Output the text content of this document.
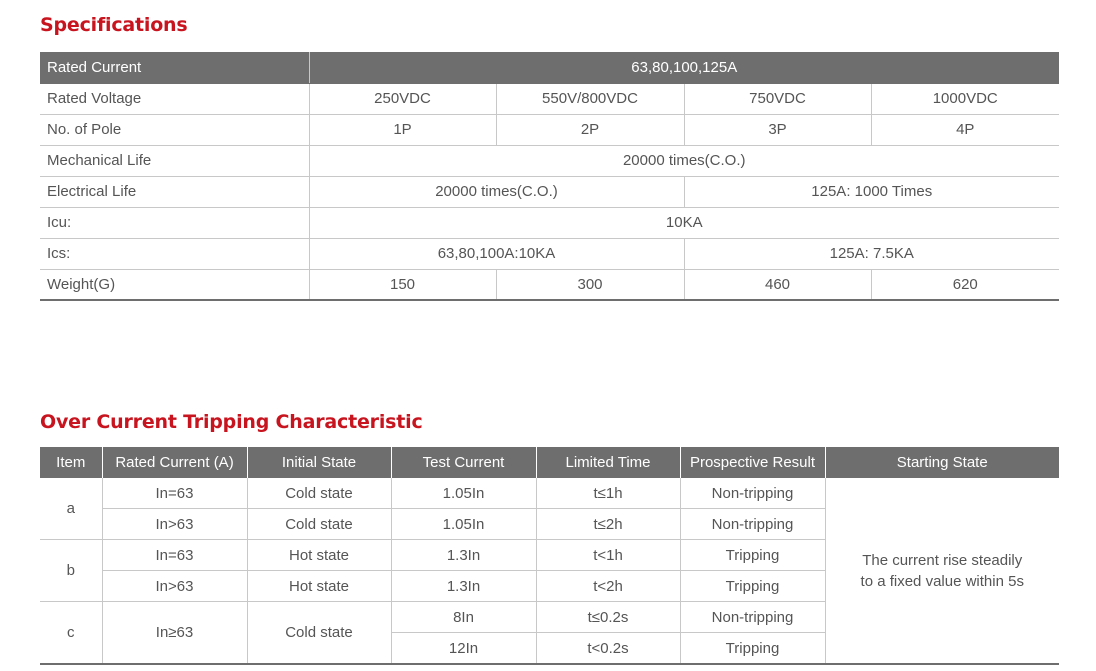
Specifications
Rated Current	63,80,100,125A			
Rated Voltage	250VDC	550V/800VDC	750VDC	1000VDC
No. of Pole	1P	2P	3P	4P
Mechanical Life	20000 times(C.O.)			
Electrical Life	20000 times(C.O.)		125A: 1000 Times	
Icu:	10KA			
Ics:	63,80,100A:10KA		125A: 7.5KA	
Weight(G)	150	300	460	620
Over Current Tripping Characteristic
Item	Rated Current (A)	Initial State	Test Current	Limited Time	Prospective Result	Starting State
a	In=63	Cold state	1.05In	t≤1h	Non-tripping	The current rise steadily
to a fixed value within 5s
	In>63	Cold state	1.05In	t≤2h	Non-tripping	
b	In=63	Hot state	1.3In	t<1h	Tripping	
	In>63	Hot state	1.3In	t<2h	Tripping	
c	In≥63	Cold state	8In	t≤0.2s	Non-tripping	
			12In	t<0.2s	Tripping	
